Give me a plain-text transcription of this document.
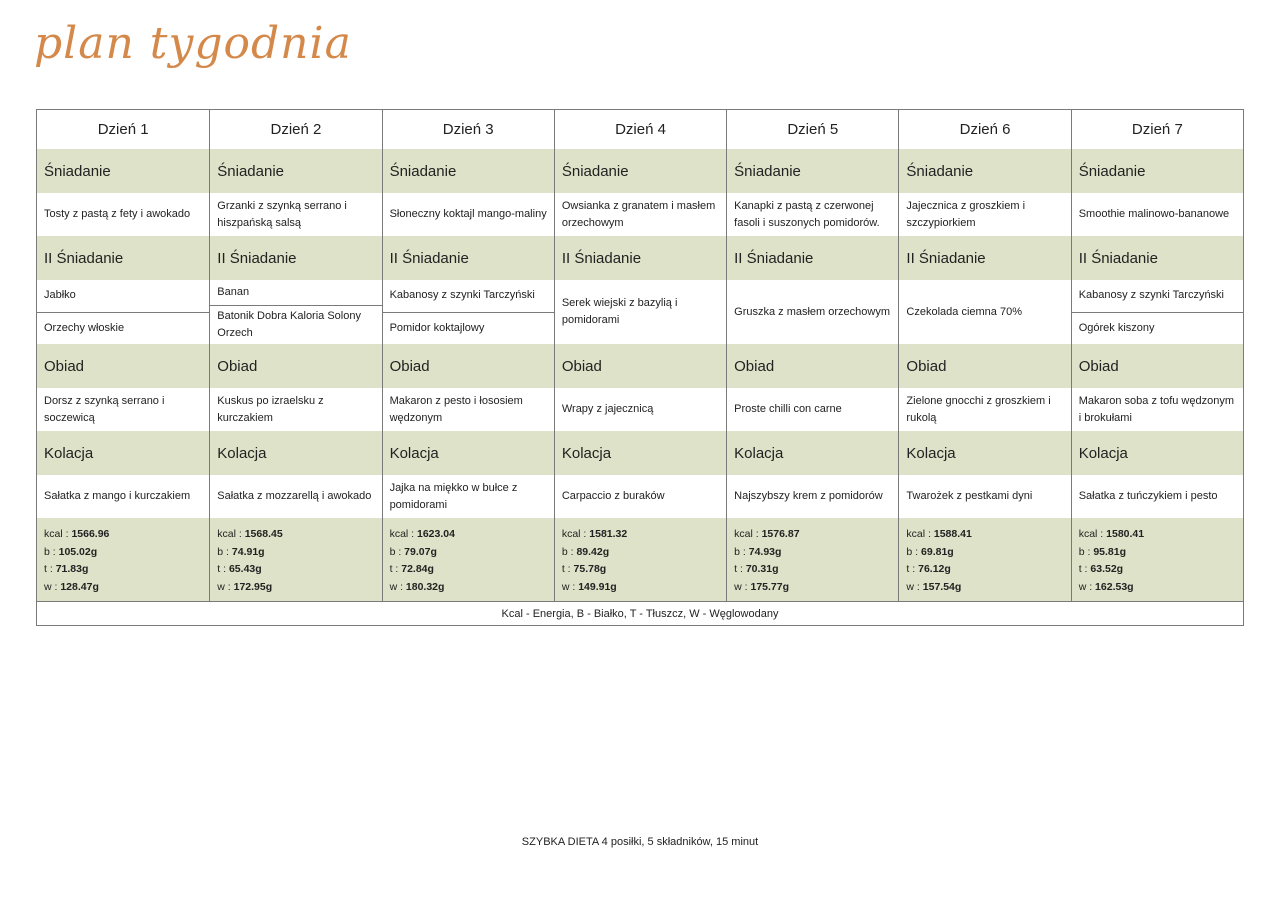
plan tygodnia
Dzień 1
Śniadanie
Tosty z pastą z fety i awokado
II Śniadanie
Jabłko
Orzechy włoskie
Obiad
Dorsz z szynką serrano i soczewicą
Kolacja
Sałatka z mango i kurczakiem
kcal : 1566.96
b : 105.02g
t : 71.83g
w : 128.47g
Dzień 2
Śniadanie
Grzanki z szynką serrano i hiszpańską salsą
II Śniadanie
Banan
Batonik Dobra Kaloria Solony Orzech
Obiad
Kuskus po izraelsku z kurczakiem
Kolacja
Sałatka z mozzarellą i awokado
kcal : 1568.45
b : 74.91g
t : 65.43g
w : 172.95g
Dzień 3
Śniadanie
Słoneczny koktajl mango-maliny
II Śniadanie
Kabanosy z szynki Tarczyński
Pomidor koktajlowy
Obiad
Makaron z pesto i łososiem wędzonym
Kolacja
Jajka na miękko w bułce z pomidorami
kcal : 1623.04
b : 79.07g
t : 72.84g
w : 180.32g
Dzień 4
Śniadanie
Owsianka z granatem i masłem orzechowym
II Śniadanie
Serek wiejski z bazylią i pomidorami
Obiad
Wrapy z jajecznicą
Kolacja
Carpaccio z buraków
kcal : 1581.32
b : 89.42g
t : 75.78g
w : 149.91g
Dzień 5
Śniadanie
Kanapki z pastą z czerwonej fasoli i suszonych pomidorów.
II Śniadanie
Gruszka z masłem orzechowym
Obiad
Proste chilli con carne
Kolacja
Najszybszy krem z pomidorów
kcal : 1576.87
b : 74.93g
t : 70.31g
w : 175.77g
Dzień 6
Śniadanie
Jajecznica z groszkiem i szczypiorkiem
II Śniadanie
Czekolada ciemna 70%
Obiad
Zielone gnocchi z groszkiem i rukolą
Kolacja
Twarożek z pestkami dyni
kcal : 1588.41
b : 69.81g
t : 76.12g
w : 157.54g
Dzień 7
Śniadanie
Smoothie malinowo-bananowe
II Śniadanie
Kabanosy z szynki Tarczyński
Ogórek kiszony
Obiad
Makaron soba z tofu wędzonym i brokułami
Kolacja
Sałatka z tuńczykiem i pesto
kcal : 1580.41
b : 95.81g
t : 63.52g
w : 162.53g
Kcal - Energia, B - Białko, T - Tłuszcz, W - Węglowodany
SZYBKA DIETA 4 posiłki, 5 składników, 15 minut
